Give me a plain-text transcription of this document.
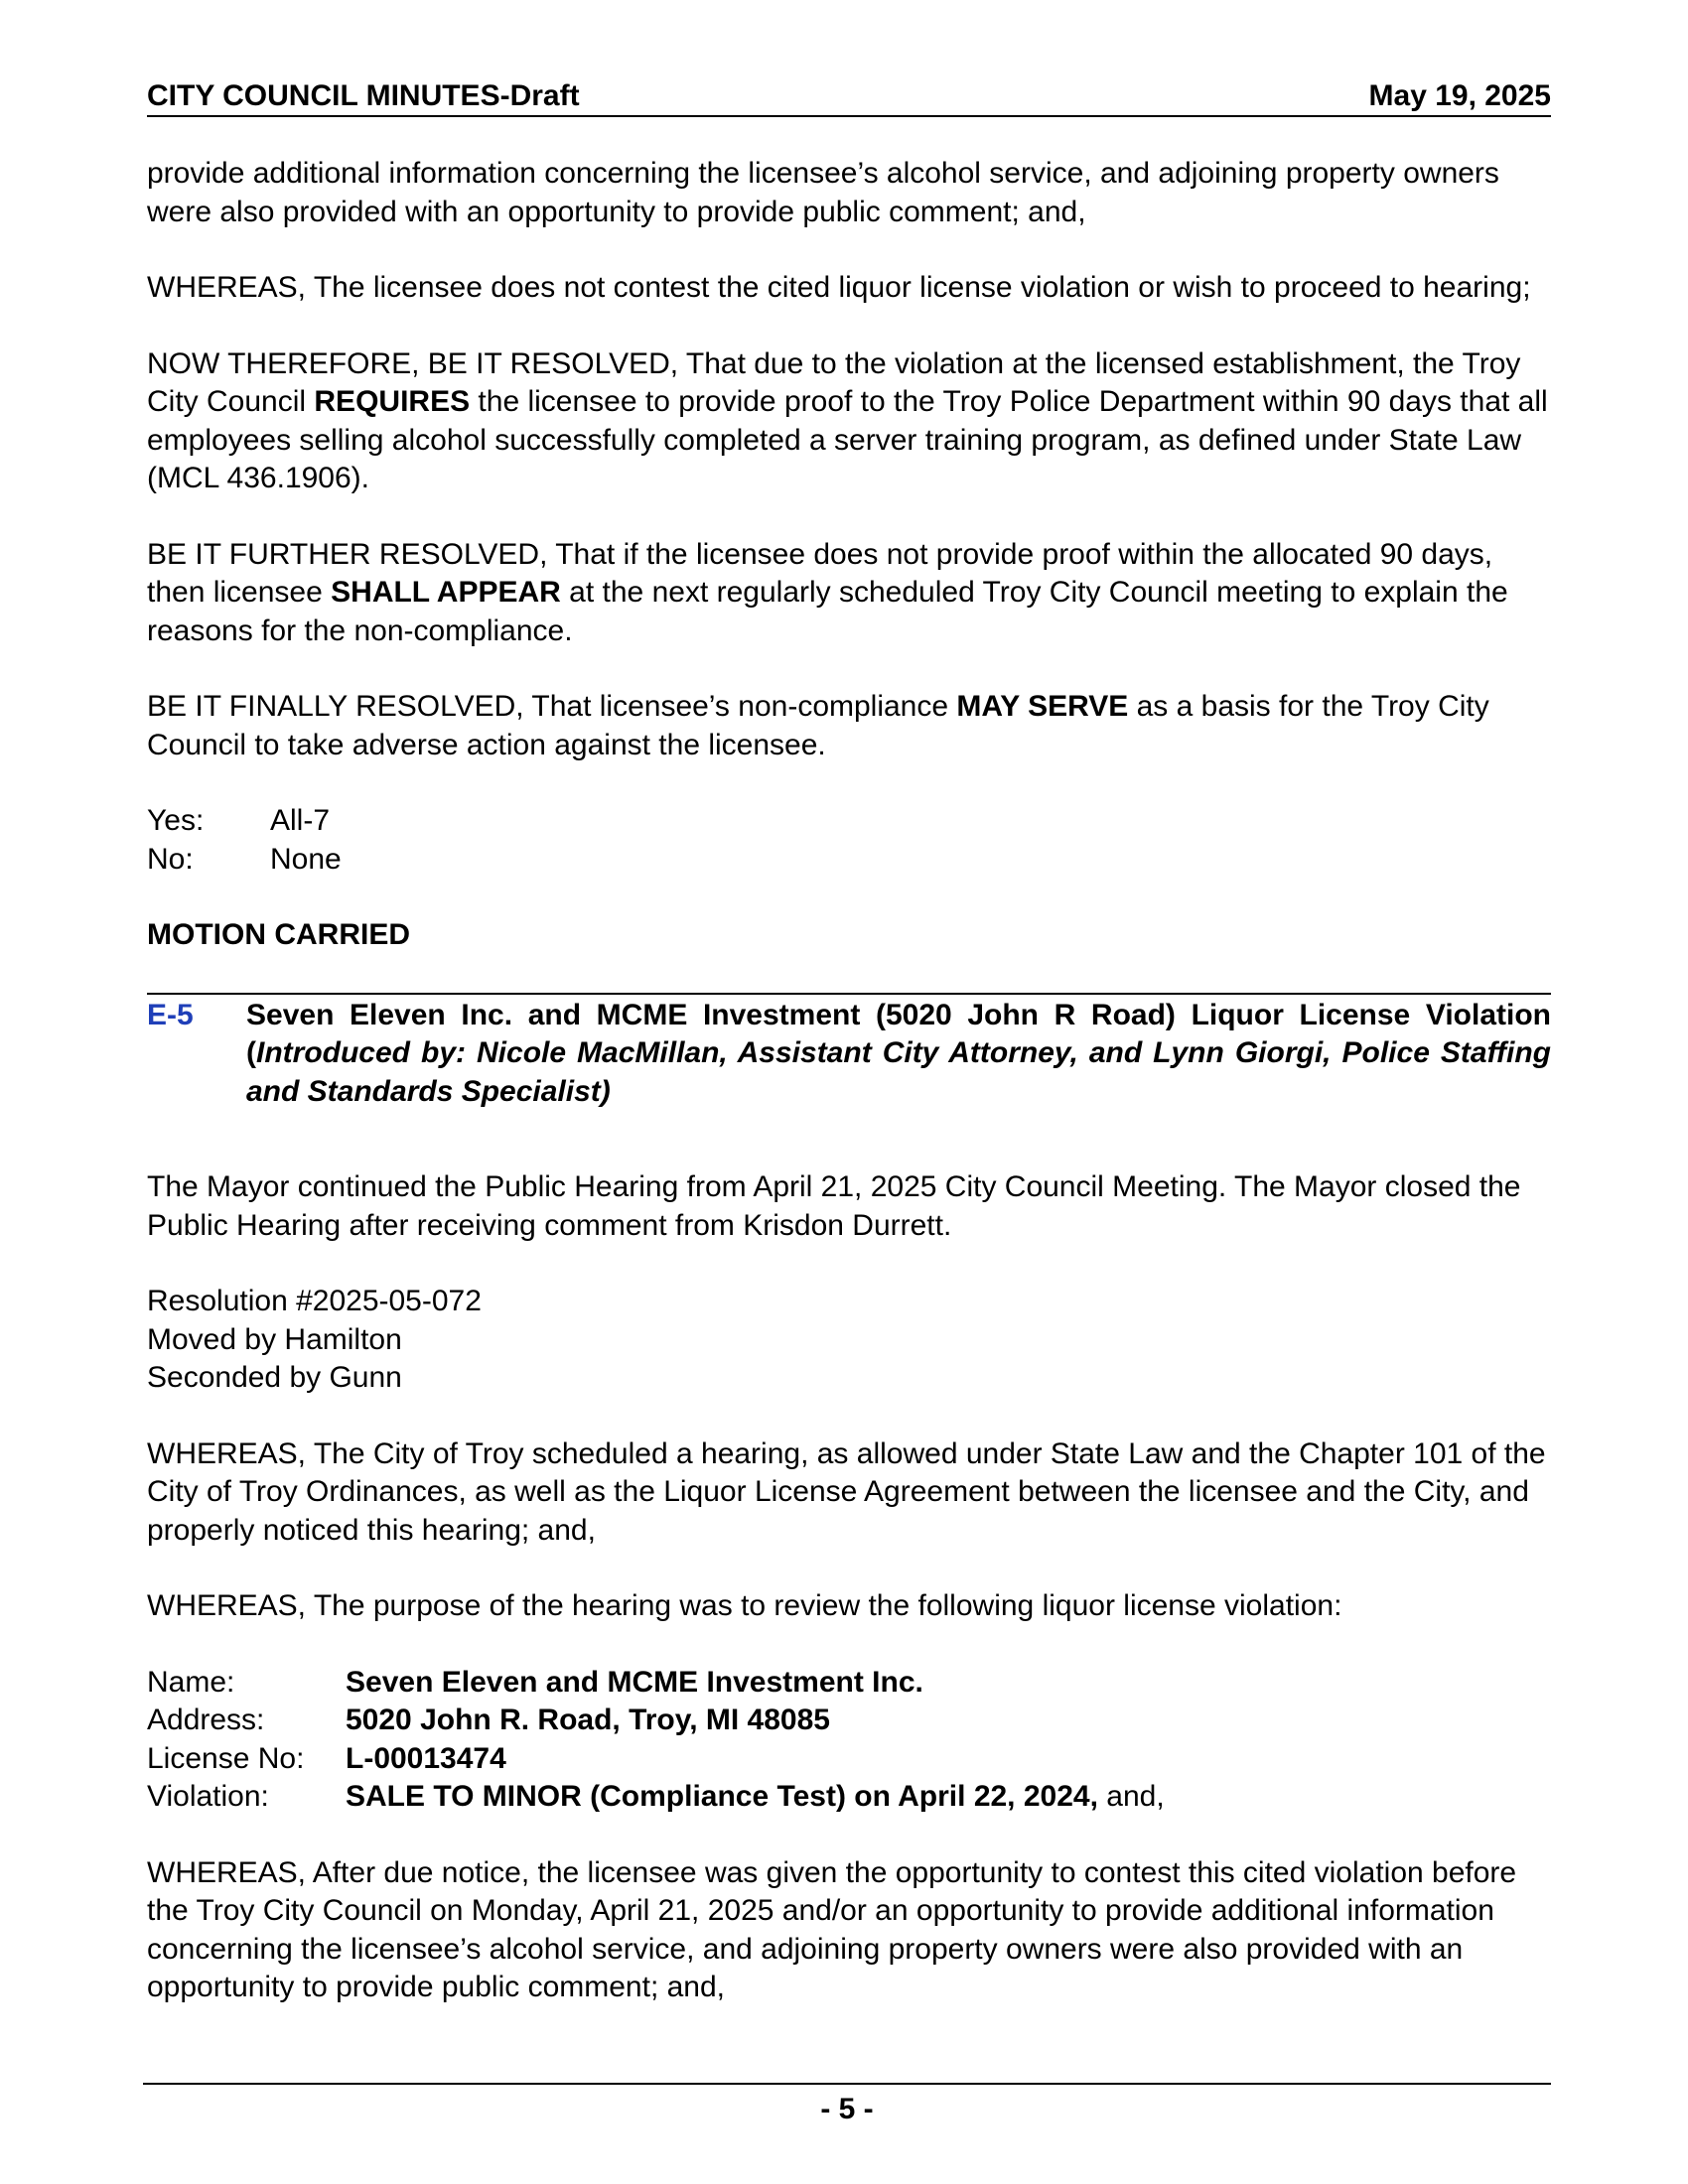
CITY COUNCIL MINUTES-Draft	May 19, 2025

provide additional information concerning the licensee’s alcohol service, and adjoining property owners were also provided with an opportunity to provide public comment; and,

WHEREAS, The licensee does not contest the cited liquor license violation or wish to proceed to hearing;

NOW THEREFORE, BE IT RESOLVED, That due to the violation at the licensed establishment, the Troy City Council REQUIRES the licensee to provide proof to the Troy Police Department within 90 days that all employees selling alcohol successfully completed a server training program, as defined under State Law (MCL 436.1906).

BE IT FURTHER RESOLVED, That if the licensee does not provide proof within the allocated 90 days, then licensee SHALL APPEAR at the next regularly scheduled Troy City Council meeting to explain the reasons for the non-compliance.

BE IT FINALLY RESOLVED, That licensee’s non-compliance MAY SERVE as a basis for the Troy City Council to take adverse action against the licensee.

Yes:	All-7
No:	None

MOTION CARRIED

E-5	Seven Eleven Inc. and MCME Investment (5020 John R Road) Liquor License Violation (Introduced by: Nicole MacMillan, Assistant City Attorney, and Lynn Giorgi, Police Staffing and Standards Specialist)

The Mayor continued the Public Hearing from April 21, 2025 City Council Meeting. The Mayor closed the Public Hearing after receiving comment from Krisdon Durrett.

Resolution #2025-05-072

Moved by Hamilton

Seconded by Gunn

WHEREAS, The City of Troy scheduled a hearing, as allowed under State Law and the Chapter 101 of the City of Troy Ordinances, as well as the Liquor License Agreement between the licensee and the City, and properly noticed this hearing; and,

WHEREAS, The purpose of the hearing was to review the following liquor license violation:

Name:	Seven Eleven and MCME Investment Inc.
Address:	5020 John R. Road, Troy, MI 48085
License No:	L-00013474
Violation:	SALE TO MINOR (Compliance Test) on April 22, 2024, and,

WHEREAS, After due notice, the licensee was given the opportunity to contest this cited violation before the Troy City Council on Monday, April 21, 2025 and/or an opportunity to provide additional information concerning the licensee’s alcohol service, and adjoining property owners were also provided with an opportunity to provide public comment; and,

- 5 -
